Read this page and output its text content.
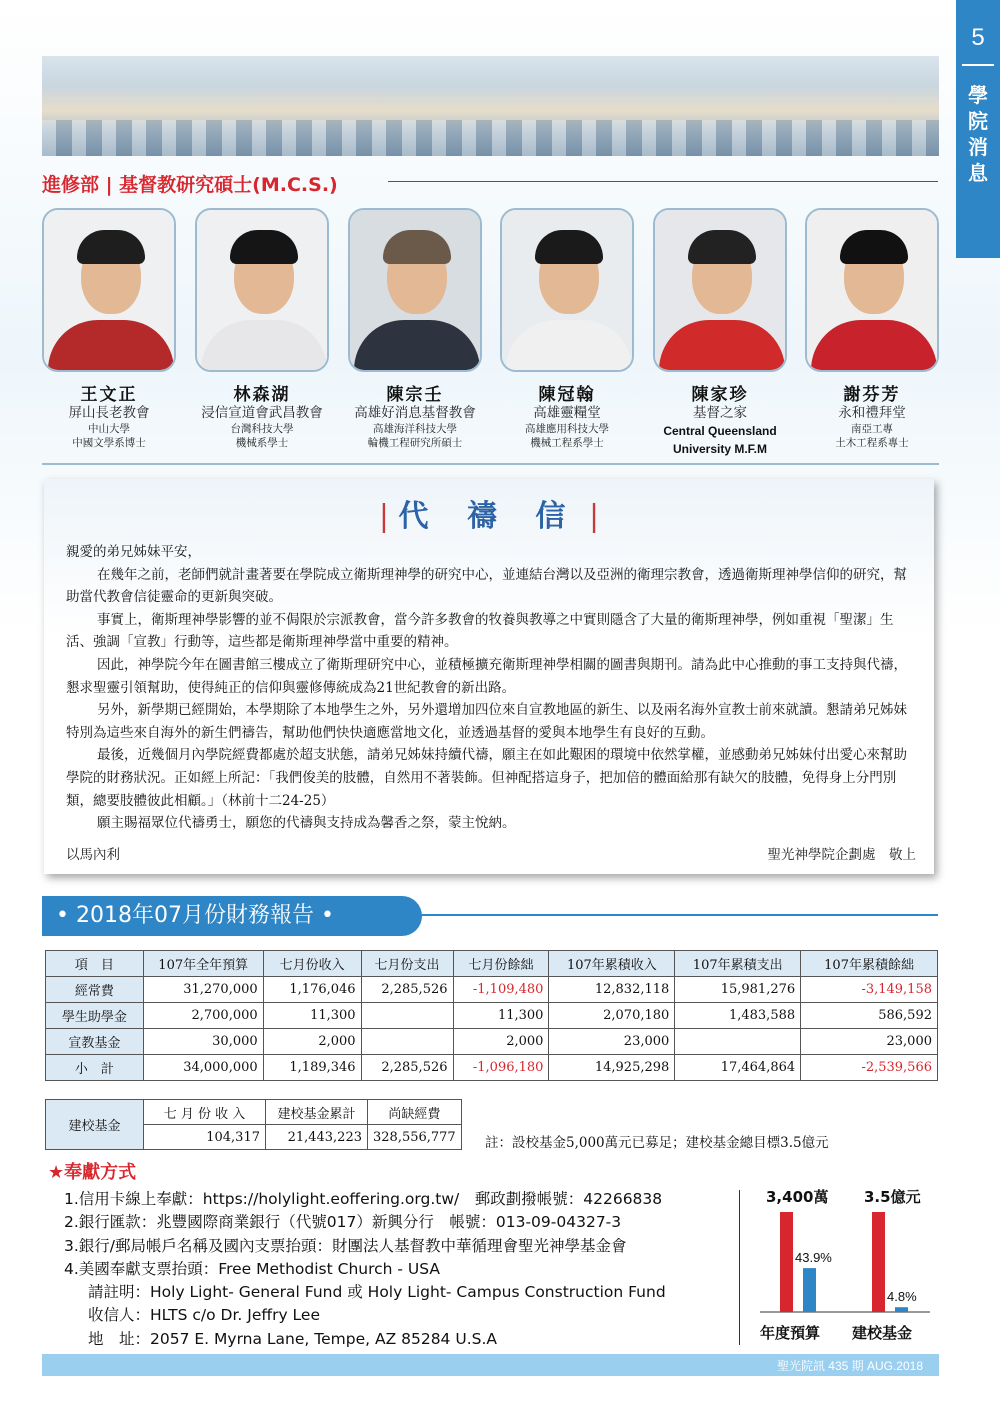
5
學
院
消
息
進修部 | 基督教研究碩士(M.C.S.)
王文正
屏山長老教會
中山大學
中國文學系博士
林森湖
浸信宣道會武昌教會
台灣科技大學
機械系學士
陳宗壬
高雄好消息基督教會
高雄海洋科技大學
輪機工程研究所碩士
陳冠翰
高雄靈糧堂
高雄應用科技大學
機械工程系學士
陳家珍
基督之家
Central Queensland
University M.F.M
謝芬芳
永和禮拜堂
南亞工專
土木工程系專士
| 代 禱 信 |

親愛的弟兄姊妹平安，

在幾年之前，老師們就計畫著要在學院成立衛斯理神學的研究中心，並連結台灣以及亞洲的衛理宗教會，透過衛斯理神學信仰的研究，幫助當代教會信徒靈命的更新與突破。

事實上，衛斯理神學影響的並不侷限於宗派教會，當今許多教會的牧養與教導之中實則隱含了大量的衛斯理神學，例如重視「聖潔」生活、強調「宣教」行動等，這些都是衛斯理神學當中重要的精神。

因此，神學院今年在圖書館三樓成立了衛斯理研究中心，並積極擴充衛斯理神學相關的圖書與期刊。請為此中心推動的事工支持與代禱，懇求聖靈引領幫助，使得純正的信仰與靈修傳統成為21世紀教會的新出路。

另外，新學期已經開始，本學期除了本地學生之外，另外還增加四位來自宣教地區的新生、以及兩名海外宣教士前來就讀。懇請弟兄姊妹特別為這些來自海外的新生們禱告，幫助他們快快適應當地文化，並透過基督的愛與本地學生有良好的互動。

最後，近幾個月內學院經費都處於超支狀態，請弟兄姊妹持續代禱，願主在如此艱困的環境中依然掌權，並感動弟兄姊妹付出愛心來幫助學院的財務狀況。正如經上所記：「我們俊美的肢體，自然用不著裝飾。但神配搭這身子，把加倍的體面給那有缺欠的肢體，免得身上分門別類，總要肢體彼此相顧。」（林前十二24-25）

願主賜福眾位代禱勇士，願您的代禱與支持成為馨香之祭，蒙主悅納。

以馬內利	聖光神學院企劃處　敬上
• 2018年07月份財務報告 •
項　目	107年全年預算	七月份收入	七月份支出	七月份餘絀	107年累積收入	107年累積支出	107年累積餘絀
經常費	31,270,000	1,176,046	2,285,526	-1,109,480	12,832,118	15,981,276	-3,149,158
學生助學金	2,700,000	11,300		11,300	2,070,180	1,483,588	586,592
宣教基金	30,000	2,000		2,000	23,000		23,000
小　計	34,000,000	1,189,346	2,285,526	-1,096,180	14,925,298	17,464,864	-2,539,566
建校基金	七 月 份 收 入	建校基金累計	尚缺經費
	104,317	21,443,223	328,556,777 註：設校基金5,000萬元已募足；建校基金總目標3.5億元
★奉獻方式
1.信用卡線上奉獻：https://holylight.eoffering.org.tw/　郵政劃撥帳號：42266838
2.銀行匯款：兆豐國際商業銀行（代號017）新興分行　帳號：013-09-04327-3
3.銀行/郵局帳戶名稱及國內支票抬頭：財團法人基督教中華循理會聖光神學基金會
4.美國奉獻支票抬頭：Free Methodist Church - USA
請註明：Holy Light- General Fund 或 Holy Light- Campus Construction Fund
收信人：HLTS c/o Dr. Jeffry Lee
地　址：2057 E. Myrna Lane, Tempe, AZ 85284 U.S.A
3,400萬 3.5億元
43.9%
4.8%
年度預算 建校基金
聖光院訊 435 期 AUG.2018
